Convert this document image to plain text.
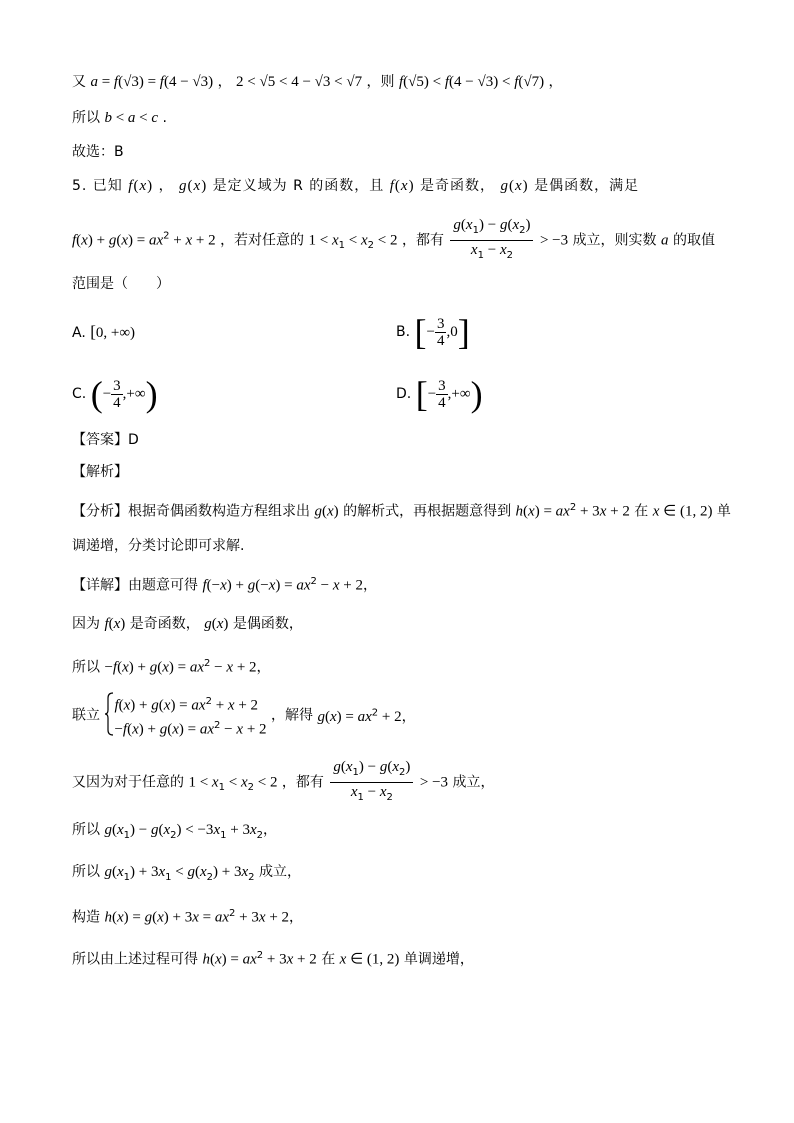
又 a = f(√3) = f(4 − √3) ， 2 < √5 < 4 − √3 < √7 ，则 f(√5) < f(4 − √3) < f(√7) ，
所以 b < a < c .
故选：B
5. 已知 f(x) ， g(x) 是定义域为 R 的函数，且 f(x) 是奇函数， g(x) 是偶函数，满足
$f(x) + g(x) = ax^2 + x + 2$ ，若对任意的 $1 < x_1 < x_2 < 2$ ，都有 $\frac{g(x_1) - g(x_2)}{x_1 - x_2} > -3$ 成立，则实数 a 的取值
范围是（　　）
A. [0, +∞)	B. [− $\frac{3}{4} ,0$]
C. (− $\frac{3}{4}$ ,+∞)	D. [− $\frac{3}{4}$ ,+∞)
【答案】D
【解析】
【分析】根据奇偶函数构造方程组求出 g(x) 的解析式，再根据题意得到 $h(x) = ax^2 + 3x + 2$ 在 x ∈ (1, 2) 单
调递增，分类讨论即可求解.
【详解】由题意可得 $f(-x) + g(-x) = ax^2 - x + 2$，
因为 f(x) 是奇函数， g(x) 是偶函数，
所以 $-f(x) + g(x) = ax^2 - x + 2$，
联立
$f(x) + g(x) = ax^2 + x + 2$
$-f(x) + g(x) = ax^2 - x + 2$
，解得 $g(x) = ax^2 + 2$，
又因为对于任意的 $1 < x_1 < x_2 < 2$ ，都有 $\frac{g(x_1) - g(x_2)}{x_1 - x_2} > -3$ 成立，
所以 $g(x_1) - g(x_2) < -3x_1 + 3x_2$，
所以 $g(x_1) + 3x_1 < g(x_2) + 3x_2$ 成立，
构造 $h(x) = g(x) + 3x = ax^2 + 3x + 2$，
所以由上述过程可得 $h(x) = ax^2 + 3x + 2$ 在 x ∈ (1, 2) 单调递增，
